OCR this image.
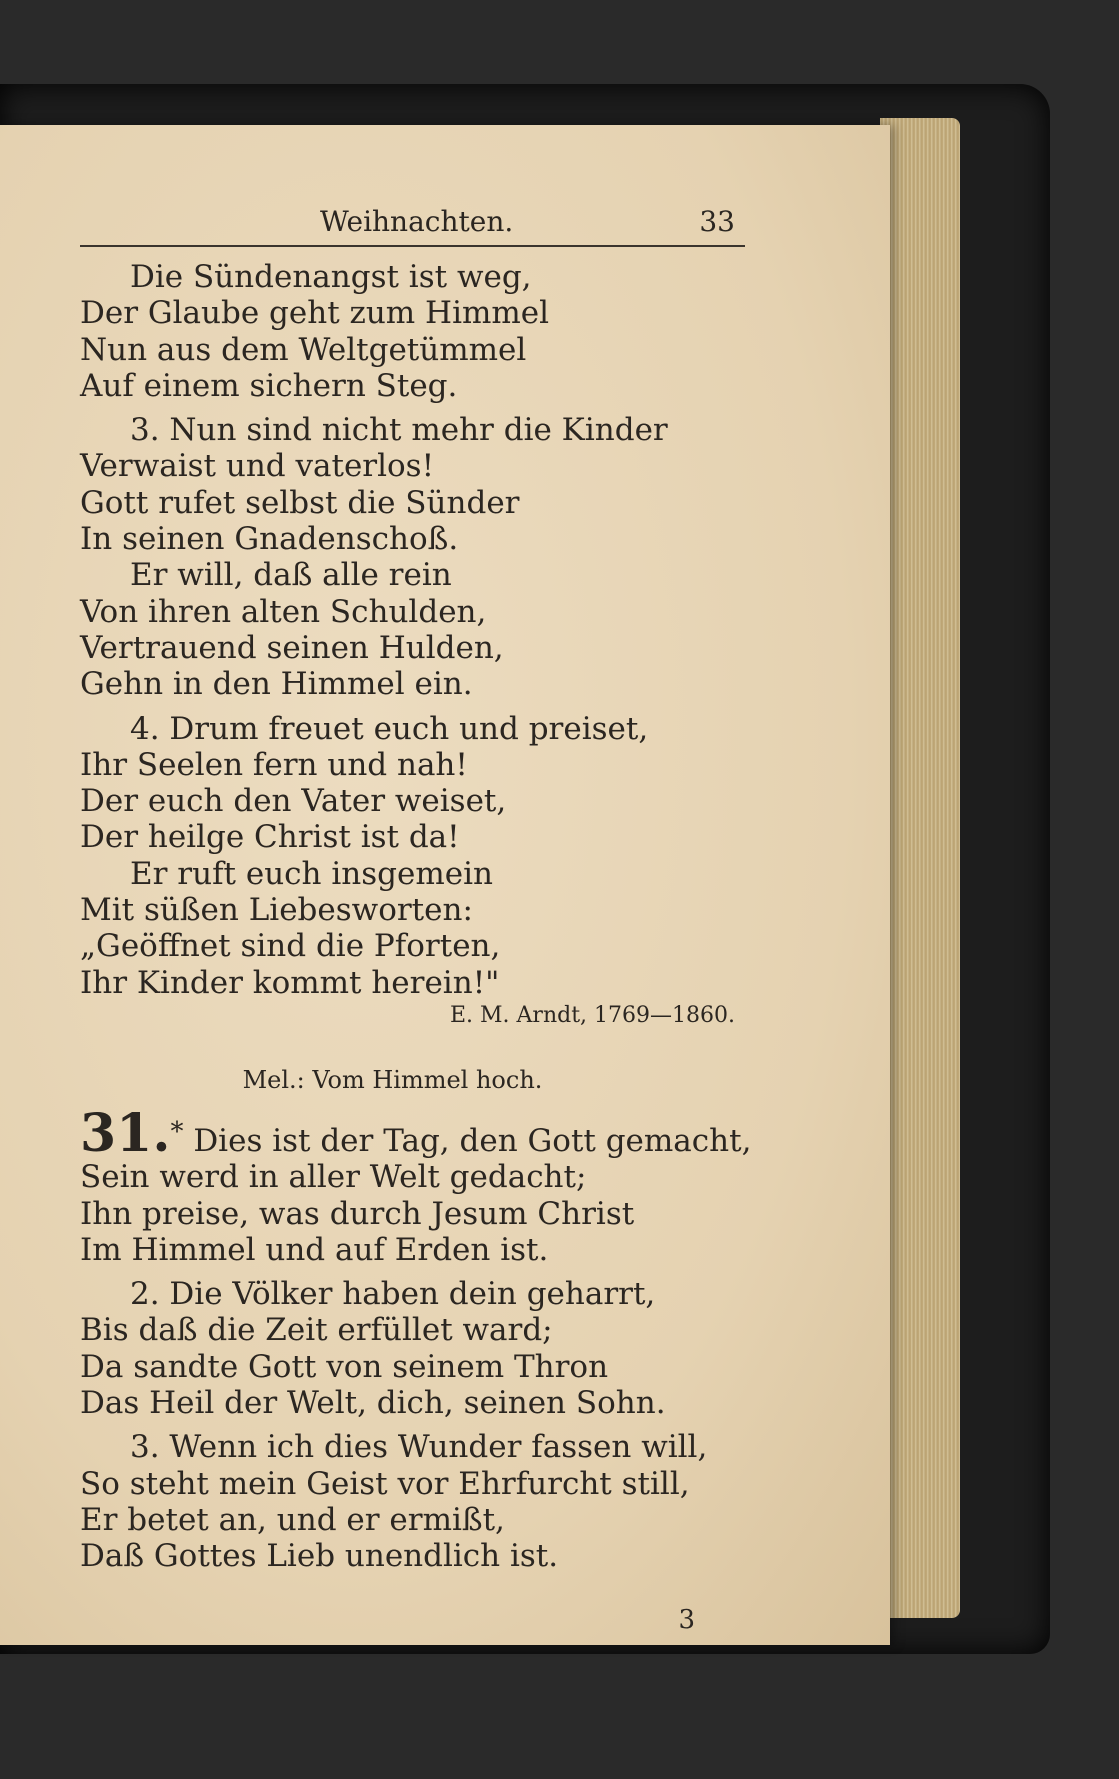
Weihnachten.	33
Die Sündenangst ist weg,
Der Glaube geht zum Himmel
Nun aus dem Weltgetümmel
Auf einem sichern Steg.
3. Nun sind nicht mehr die Kinder
Verwaist und vaterlos!
Gott rufet selbst die Sünder
In seinen Gnadenschoß.
Er will, daß alle rein
Von ihren alten Schulden,
Vertrauend seinen Hulden,
Gehn in den Himmel ein.
4. Drum freuet euch und preiset,
Ihr Seelen fern und nah!
Der euch den Vater weiset,
Der heilge Christ ist da!
Er ruft euch insgemein
Mit süßen Liebesworten:
„Geöffnet sind die Pforten,
Ihr Kinder kommt herein!"
E. M. Arndt, 1769—1860.
Mel.: Vom Himmel hoch.
31.* Dies ist der Tag, den Gott gemacht,
Sein werd in aller Welt gedacht;
Ihn preise, was durch Jesum Christ
Im Himmel und auf Erden ist.
2. Die Völker haben dein geharrt,
Bis daß die Zeit erfüllet ward;
Da sandte Gott von seinem Thron
Das Heil der Welt, dich, seinen Sohn.
3. Wenn ich dies Wunder fassen will,
So steht mein Geist vor Ehrfurcht still,
Er betet an, und er ermißt,
Daß Gottes Lieb unendlich ist.
3
